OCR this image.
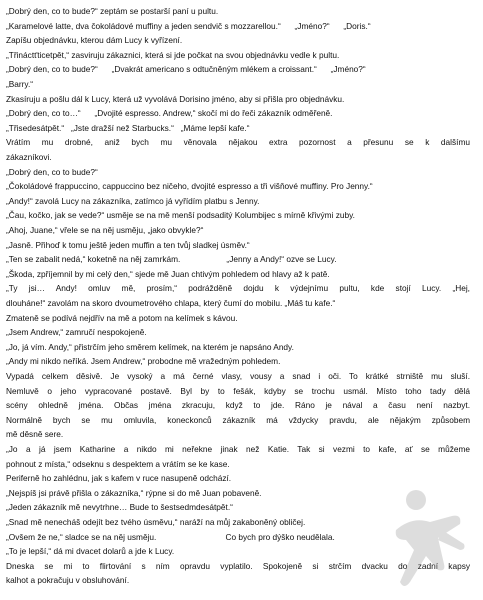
„Dobrý den, co to bude?“ zeptám se postarší paní u pultu.
„Karamelové latte, dva čokoládové muffiny a jeden sendvič s mozzarellou.“      „Jméno?“      „Doris.“
Zapíšu objednávku, kterou dám Lucy k vyřízení.
„Třináctťticetpět,“ zasviruju zákaznici, která si jde počkat na svou objednávku vedle k pultu.
„Dobrý den, co to bude?“      „Dvakrát americano s odtučněným mlékem a croissant.“      „Jméno?“
„Barry.“
Zkasíruju a pošlu dál k Lucy, která už vyvolává Dorisino jméno, aby si přišla pro objednávku.
„Dobrý den, co to…“      „Dvojité espresso. Andrew,“ skočí mi do řeči zákazník odměřeně.
„Třisedesátpět.“   „Jste dražší než Starbucks.“   „Máme lepší kafe.“
Vrátím mu drobné, aniž bych mu věnovala nějakou extra pozornost a přesunu se k dalšímu
zákazníkovi.
„Dobrý den, co to bude?“
„Čokoládové frappuccino, cappuccino bez ničeho, dvojité espresso a tři višňové muffiny. Pro Jenny.“
„Andy!“ zavolá Lucy na zákazníka, zatímco já vyřídím platbu s Jenny.
„Čau, kočko, jak se vede?“ usměje se na mě menší podsaditý Kolumbijec s mírně křivými zuby.
„Ahoj, Juane,“ vřele se na něj usměju, „jako obvykle?“
„Jasně. Přihoď k tomu ještě jeden muffin a ten tvůj sladkej úsměv.“
„Ten se zabalit nedá,“ koketně na něj zamrkám.                    „Jenny a Andy!“ ozve se Lucy.
„Škoda, zpříjemnil by mi celý den,“ sjede mě Juan chtivým pohledem od hlavy až k patě.
„Ty jsi… Andy! omluv mě, prosím,“ podrážděně dojdu k výdejnímu pultu, kde stojí Lucy. „Hej,
dlouháne!“ zavolám na skoro dvoumetrového chlapa, který čumí do mobilu. „Máš tu kafe.“
Zmateně se podívá nejdřív na mě a potom na kelímek s kávou.
„Jsem Andrew,“ zamručí nespokojeně.
„Jo, já vím. Andy,“ přistrčím jeho směrem kelímek, na kterém je napsáno Andy.
„Andy mi nikdo neříká. Jsem Andrew,“ probodne mě vražedným pohledem.
Vypadá celkem děsivě. Je vysoký a má černé vlasy, vousy a snad i oči. To krátké strniště mu sluší.
Nemluvě o jeho vypracované postavě. Byl by to fešák, kdyby se trochu usmál. Místo toho tady dělá
scény ohledně jména. Občas jména zkracuju, když to jde. Ráno je nával a času není nazbyt.
Normálně bych se mu omluvila, koneckonců zákazník má vždycky pravdu, ale nějakým způsobem
mě děsně sere.
„Jo a já jsem Katharine a nikdo mi neřekne jinak než Katie. Tak si vezmi to kafe, ať se můžeme
pohnout z místa,“ odseknu s despektem a vrátím se ke kase.
Periferně ho zahlédnu, jak s kafem v ruce nasupeně odchází.
„Nejspíš jsi právě přišla o zákazníka,“ rýpne si do mě Juan pobaveně.
„Jeden zákazník mě nevytrhne… Bude to šestsedmdesátpět.“
„Snad mě nenecháš odejít bez tvého úsměvu,“ naráží na můj zakaboněný obličej.
„Ovšem že ne,“ sladce se na něj usměju.                              Co bych pro dýško neudělala.
„To je lepší,“ dá mi dvacet dolarů a jde k Lucy.
Dneska se mi to flirtování s ním opravdu vyplatilo. Spokojeně si strčím dvacku do zadní kapsy
kalhot a pokračuju v obsluhování.
